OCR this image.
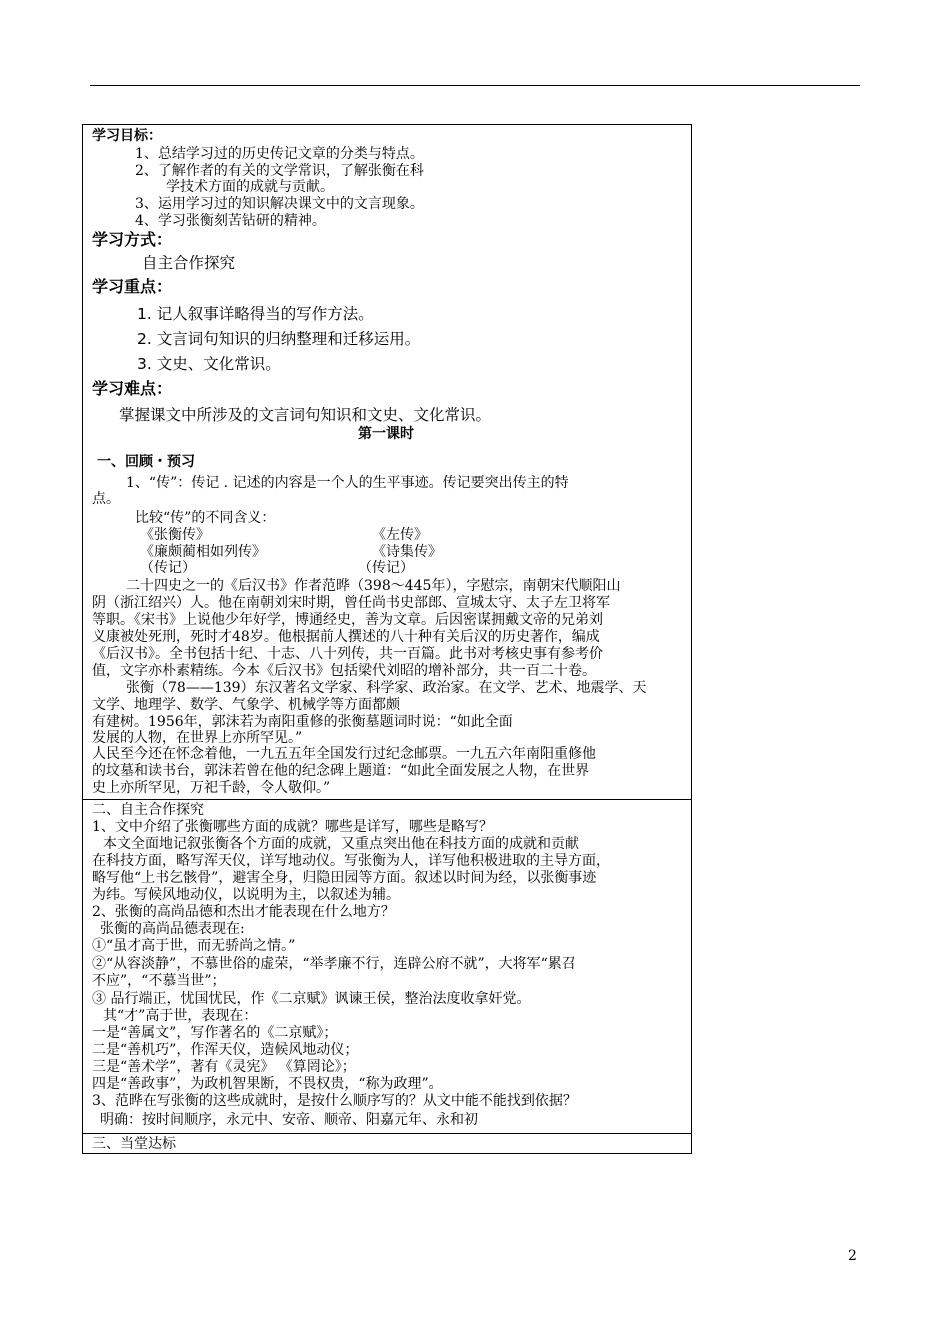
学习目标：
1、总结学习过的历史传记文章的分类与特点。
2、了解作者的有关的文学常识，了解张衡在科
学技术方面的成就与贡献。
3、运用学习过的知识解决课文中的文言现象。
4、学习张衡刻苦钻研的精神。
学习方式：
自主合作探究
学习重点：
1. 记人叙事详略得当的写作方法。
2. 文言词句知识的归纳整理和迁移运用。
3. 文史、文化常识。
学习难点：
掌握课文中所涉及的文言词句知识和文史、文化常识。
第一课时
一、回顾・预习
1、“传”：传记 . 记述的内容是一个人的生平事迹。传记要突出传主的特
点。
比较“传”的不同含义：
《张衡传》	《左传》
《廉颇蔺相如列传》	《诗集传》
（传记）	（传记）
二十四史之一的《后汉书》作者范晔（398～445年），字慰宗，南朝宋代顺阳山
阴（浙江绍兴）人。他在南朝刘宋时期，曾任尚书史部郎、宣城太守、太子左卫将军
等职。《宋书》上说他少年好学，博通经史，善为文章。后因密谋拥戴文帝的兄弟刘
义康被处死刑，死时才48岁。他根据前人撰述的八十种有关后汉的历史著作，编成
《后汉书》。全书包括十纪、十志、八十列传，共一百篇。此书对考核史事有参考价
值，文字亦朴素精练。今本《后汉书》包括梁代刘昭的增补部分，共一百二十卷。
张衡（78——139）东汉著名文学家、科学家、政治家。在文学、艺术、地震学、天
文学、地理学、数学、气象学、机械学等方面都颇
有建树。1956年，郭沫若为南阳重修的张衡墓题词时说：“如此全面
发展的人物，在世界上亦所罕见。”
人民至今还在怀念着他，一九五五年全国发行过纪念邮票。一九五六年南阳重修他
的坟墓和读书台，郭沫若曾在他的纪念碑上题道：“如此全面发展之人物，在世界
史上亦所罕见，万祀千龄，令人敬仰。”
二、自主合作探究
1、文中介绍了张衡哪些方面的成就？哪些是详写，哪些是略写？
本文全面地记叙张衡各个方面的成就，又重点突出他在科技方面的成就和贡献
在科技方面，略写浑天仪，详写地动仪。写张衡为人，详写他积极进取的主导方面，
略写他“上书乞骸骨”，避害全身，归隐田园等方面。叙述以时间为经，以张衡事迹
为纬。写候风地动仪，以说明为主，以叙述为辅。
2、张衡的高尚品德和杰出才能表现在什么地方？
张衡的高尚品德表现在:
①“虽才高于世，而无骄尚之情。”
②“从容淡静”，不慕世俗的虚荣，“举孝廉不行，连辟公府不就”，大将军“累召
不应”，“不慕当世”；
③ 品行端正，忧国忧民，作《二京赋》讽谏王侯，整治法度收拿奸党。
其“才”高于世，表现在：
一是“善属文”，写作著名的《二京赋》；
二是“善机巧”，作浑天仪，造候风地动仪；
三是“善术学”，著有《灵宪》 《算罔论》；
四是“善政事”，为政机智果断，不畏权贵，“称为政理”。
3、范晔在写张衡的这些成就时，是按什么顺序写的？从文中能不能找到依据？
明确：按时间顺序，永元中、安帝、顺帝、阳嘉元年、永和初
三、当堂达标
2
